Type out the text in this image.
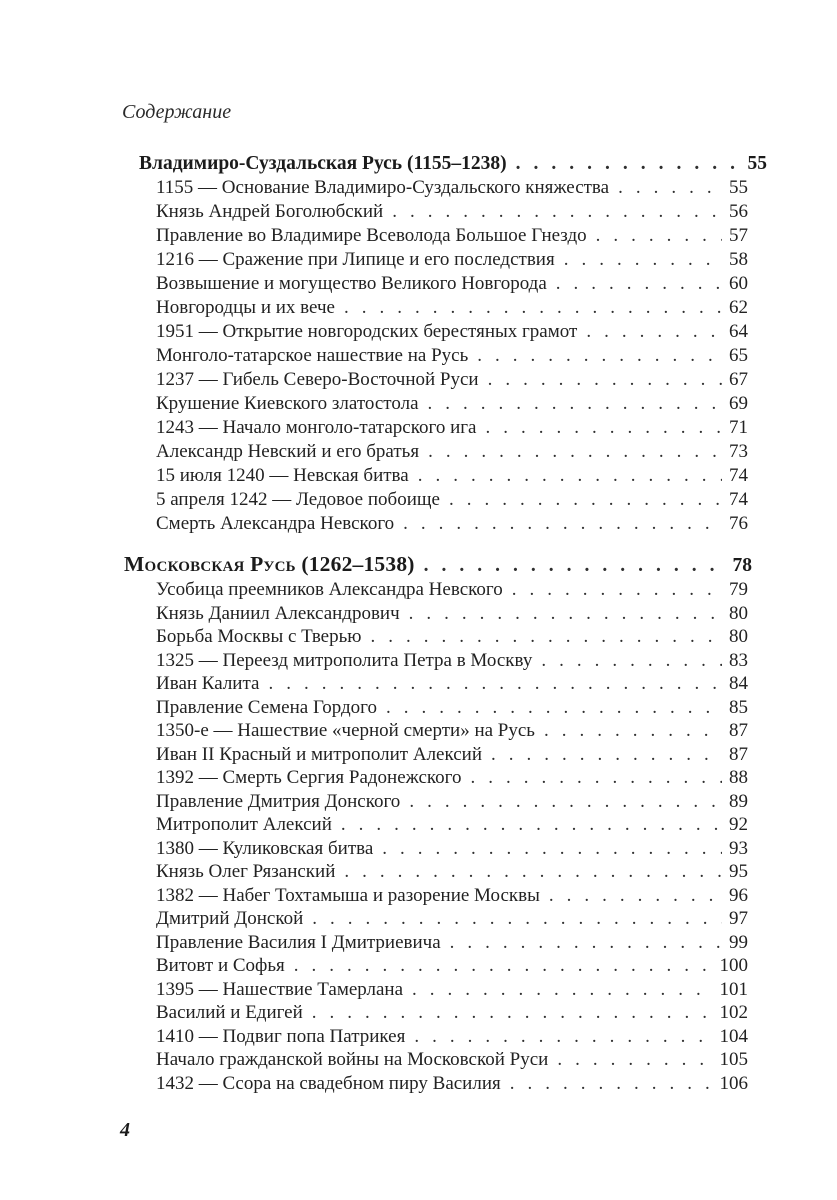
Содержание
Владимиро-Суздальская Русь (1155–1238)	.....	55
1155 — Основание Владимиро-Суздальского княжества	.....	55
Князь Андрей Боголюбский	.....	56
Правление во Владимире Всеволода Большое Гнездо	.....	57
1216 — Сражение при Липице и его последствия	.....	58
Возвышение и могущество Великого Новгорода	.....	60
Новгородцы и их вече	.....	62
1951 — Открытие новгородских берестяных грамот	.....	64
Монголо-татарское нашествие на Русь	.....	65
1237 — Гибель Северо-Восточной Руси	.....	67
Крушение Киевского златостола	.....	69
1243 — Начало монголо-татарского ига	.....	71
Александр Невский и его братья	.....	73
15 июля 1240 — Невская битва	.....	74
5 апреля 1242 — Ледовое побоище	.....	74
Смерть Александра Невского	.....	76
Московская Русь (1262–1538)	.....	78
Усобица преемников Александра Невского	.....	79
Князь Даниил Александрович	.....	80
Борьба Москвы с Тверью	.....	80
1325 — Переезд митрополита Петра в Москву	.....	83
Иван Калита	.....	84
Правление Семена Гордого	.....	85
1350-е — Нашествие «черной смерти» на Русь	.....	87
Иван II Красный и митрополит Алексий	.....	87
1392 — Смерть Сергия Радонежского	.....	88
Правление Дмитрия Донского	.....	89
Митрополит Алексий	.....	92
1380 — Куликовская битва	.....	93
Князь Олег Рязанский	.....	95
1382 — Набег Тохтамыша и разорение Москвы	.....	96
Дмитрий Донской	.....	97
Правление Василия I Дмитриевича	.....	99
Витовт и Софья	.....	100
1395 — Нашествие Тамерлана	.....	101
Василий и Едигей	.....	102
1410 — Подвиг попа Патрикея	.....	104
Начало гражданской войны на Московской Руси	.....	105
1432 — Ссора на свадебном пиру Василия	.....	106
4
